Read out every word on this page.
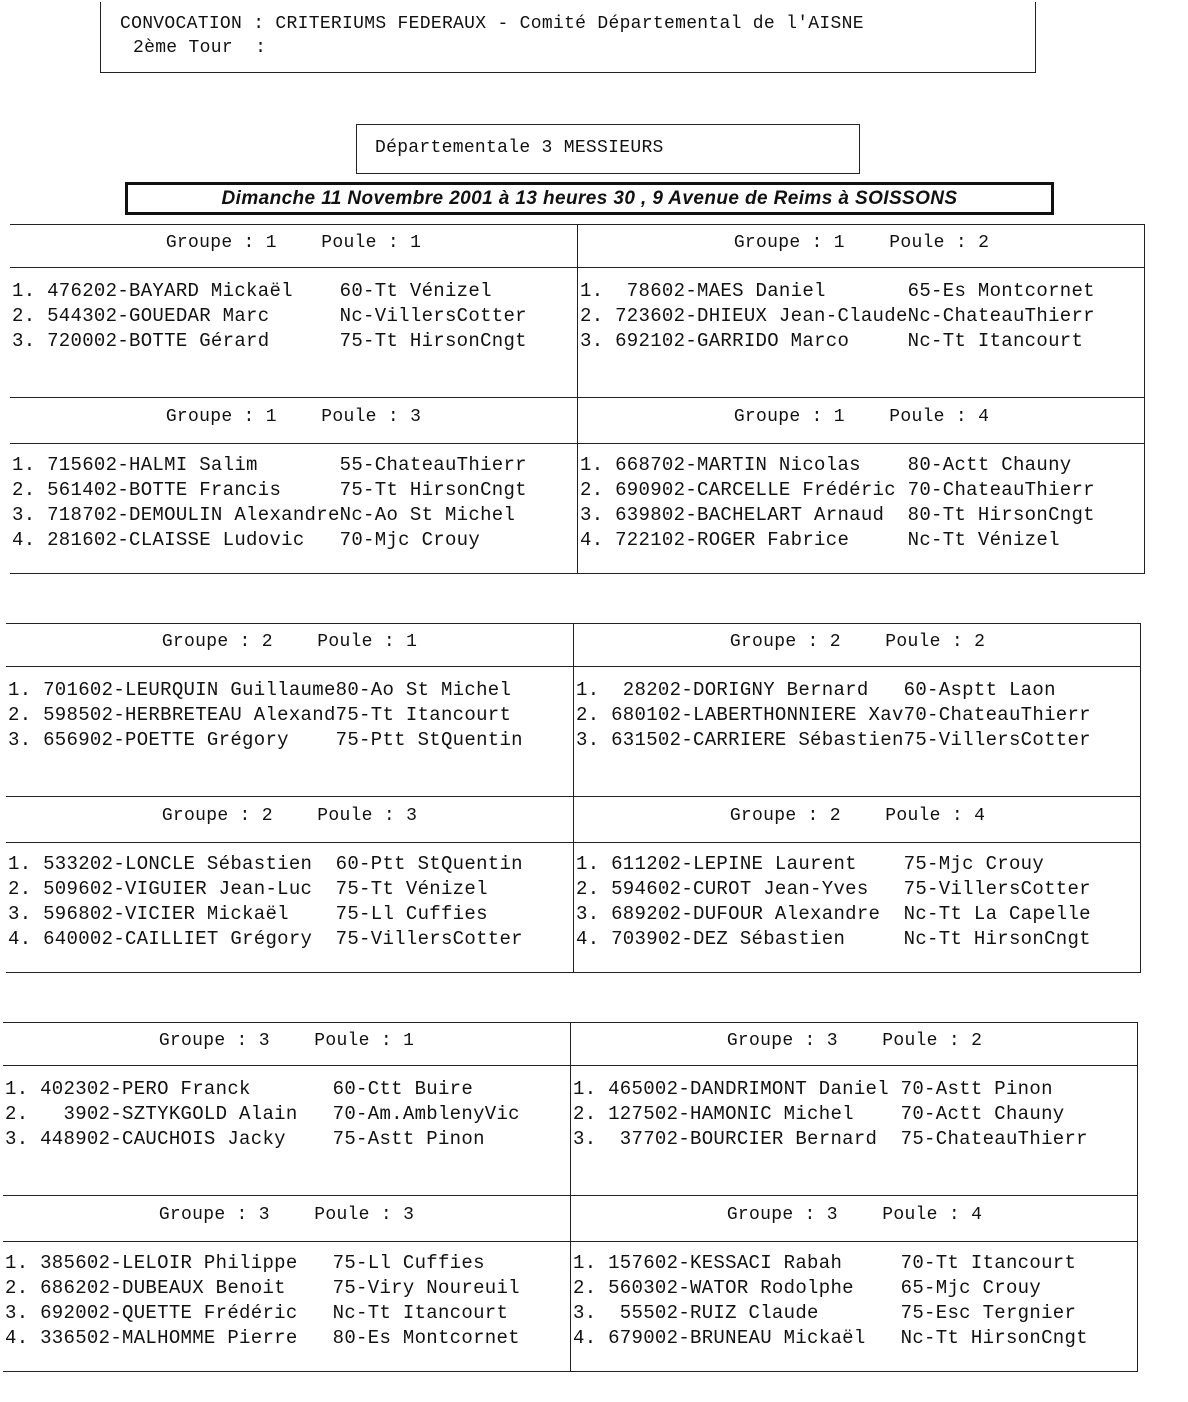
CONVOCATION : CRITERIUMS FEDERAUX - Comité Départemental de l'AISNE
2ème Tour  :
Départementale 3 MESSIEURS
Dimanche 11 Novembre 2001 à 13 heures 30 , 9 Avenue de Reims à SOISSONS
Groupe : 1    Poule : 1
1. 476202-BAYARD Mickaël    60-Tt Vénizel
2. 544302-GOUEDAR Marc      Nc-VillersCotter
3. 720002-BOTTE Gérard      75-Tt HirsonCngt
Groupe : 1    Poule : 2
1.  78602-MAES Daniel       65-Es Montcornet
2. 723602-DHIEUX Jean-ClaudeNc-ChateauThierr
3. 692102-GARRIDO Marco     Nc-Tt Itancourt
Groupe : 1    Poule : 3
1. 715602-HALMI Salim       55-ChateauThierr
2. 561402-BOTTE Francis     75-Tt HirsonCngt
3. 718702-DEMOULIN AlexandreNc-Ao St Michel
4. 281602-CLAISSE Ludovic   70-Mjc Crouy
Groupe : 1    Poule : 4
1. 668702-MARTIN Nicolas    80-Actt Chauny
2. 690902-CARCELLE Frédéric 70-ChateauThierr
3. 639802-BACHELART Arnaud  80-Tt HirsonCngt
4. 722102-ROGER Fabrice     Nc-Tt Vénizel
Groupe : 2    Poule : 1
1. 701602-LEURQUIN Guillaume80-Ao St Michel
2. 598502-HERBRETEAU Alexand75-Tt Itancourt
3. 656902-POETTE Grégory    75-Ptt StQuentin
Groupe : 2    Poule : 2
1.  28202-DORIGNY Bernard   60-Asptt Laon
2. 680102-LABERTHONNIERE Xav70-ChateauThierr
3. 631502-CARRIERE Sébastien75-VillersCotter
Groupe : 2    Poule : 3
1. 533202-LONCLE Sébastien  60-Ptt StQuentin
2. 509602-VIGUIER Jean-Luc  75-Tt Vénizel
3. 596802-VICIER Mickaël    75-Ll Cuffies
4. 640002-CAILLIET Grégory  75-VillersCotter
Groupe : 2    Poule : 4
1. 611202-LEPINE Laurent    75-Mjc Crouy
2. 594602-CUROT Jean-Yves   75-VillersCotter
3. 689202-DUFOUR Alexandre  Nc-Tt La Capelle
4. 703902-DEZ Sébastien     Nc-Tt HirsonCngt
Groupe : 3    Poule : 1
1. 402302-PERO Franck       60-Ctt Buire
2.   3902-SZTYKGOLD Alain   70-Am.AmblenyVic
3. 448902-CAUCHOIS Jacky    75-Astt Pinon
Groupe : 3    Poule : 2
1. 465002-DANDRIMONT Daniel 70-Astt Pinon
2. 127502-HAMONIC Michel    70-Actt Chauny
3.  37702-BOURCIER Bernard  75-ChateauThierr
Groupe : 3    Poule : 3
1. 385602-LELOIR Philippe   75-Ll Cuffies
2. 686202-DUBEAUX Benoit    75-Viry Noureuil
3. 692002-QUETTE Frédéric   Nc-Tt Itancourt
4. 336502-MALHOMME Pierre   80-Es Montcornet
Groupe : 3    Poule : 4
1. 157602-KESSACI Rabah     70-Tt Itancourt
2. 560302-WATOR Rodolphe    65-Mjc Crouy
3.  55502-RUIZ Claude       75-Esc Tergnier
4. 679002-BRUNEAU Mickaël   Nc-Tt HirsonCngt
